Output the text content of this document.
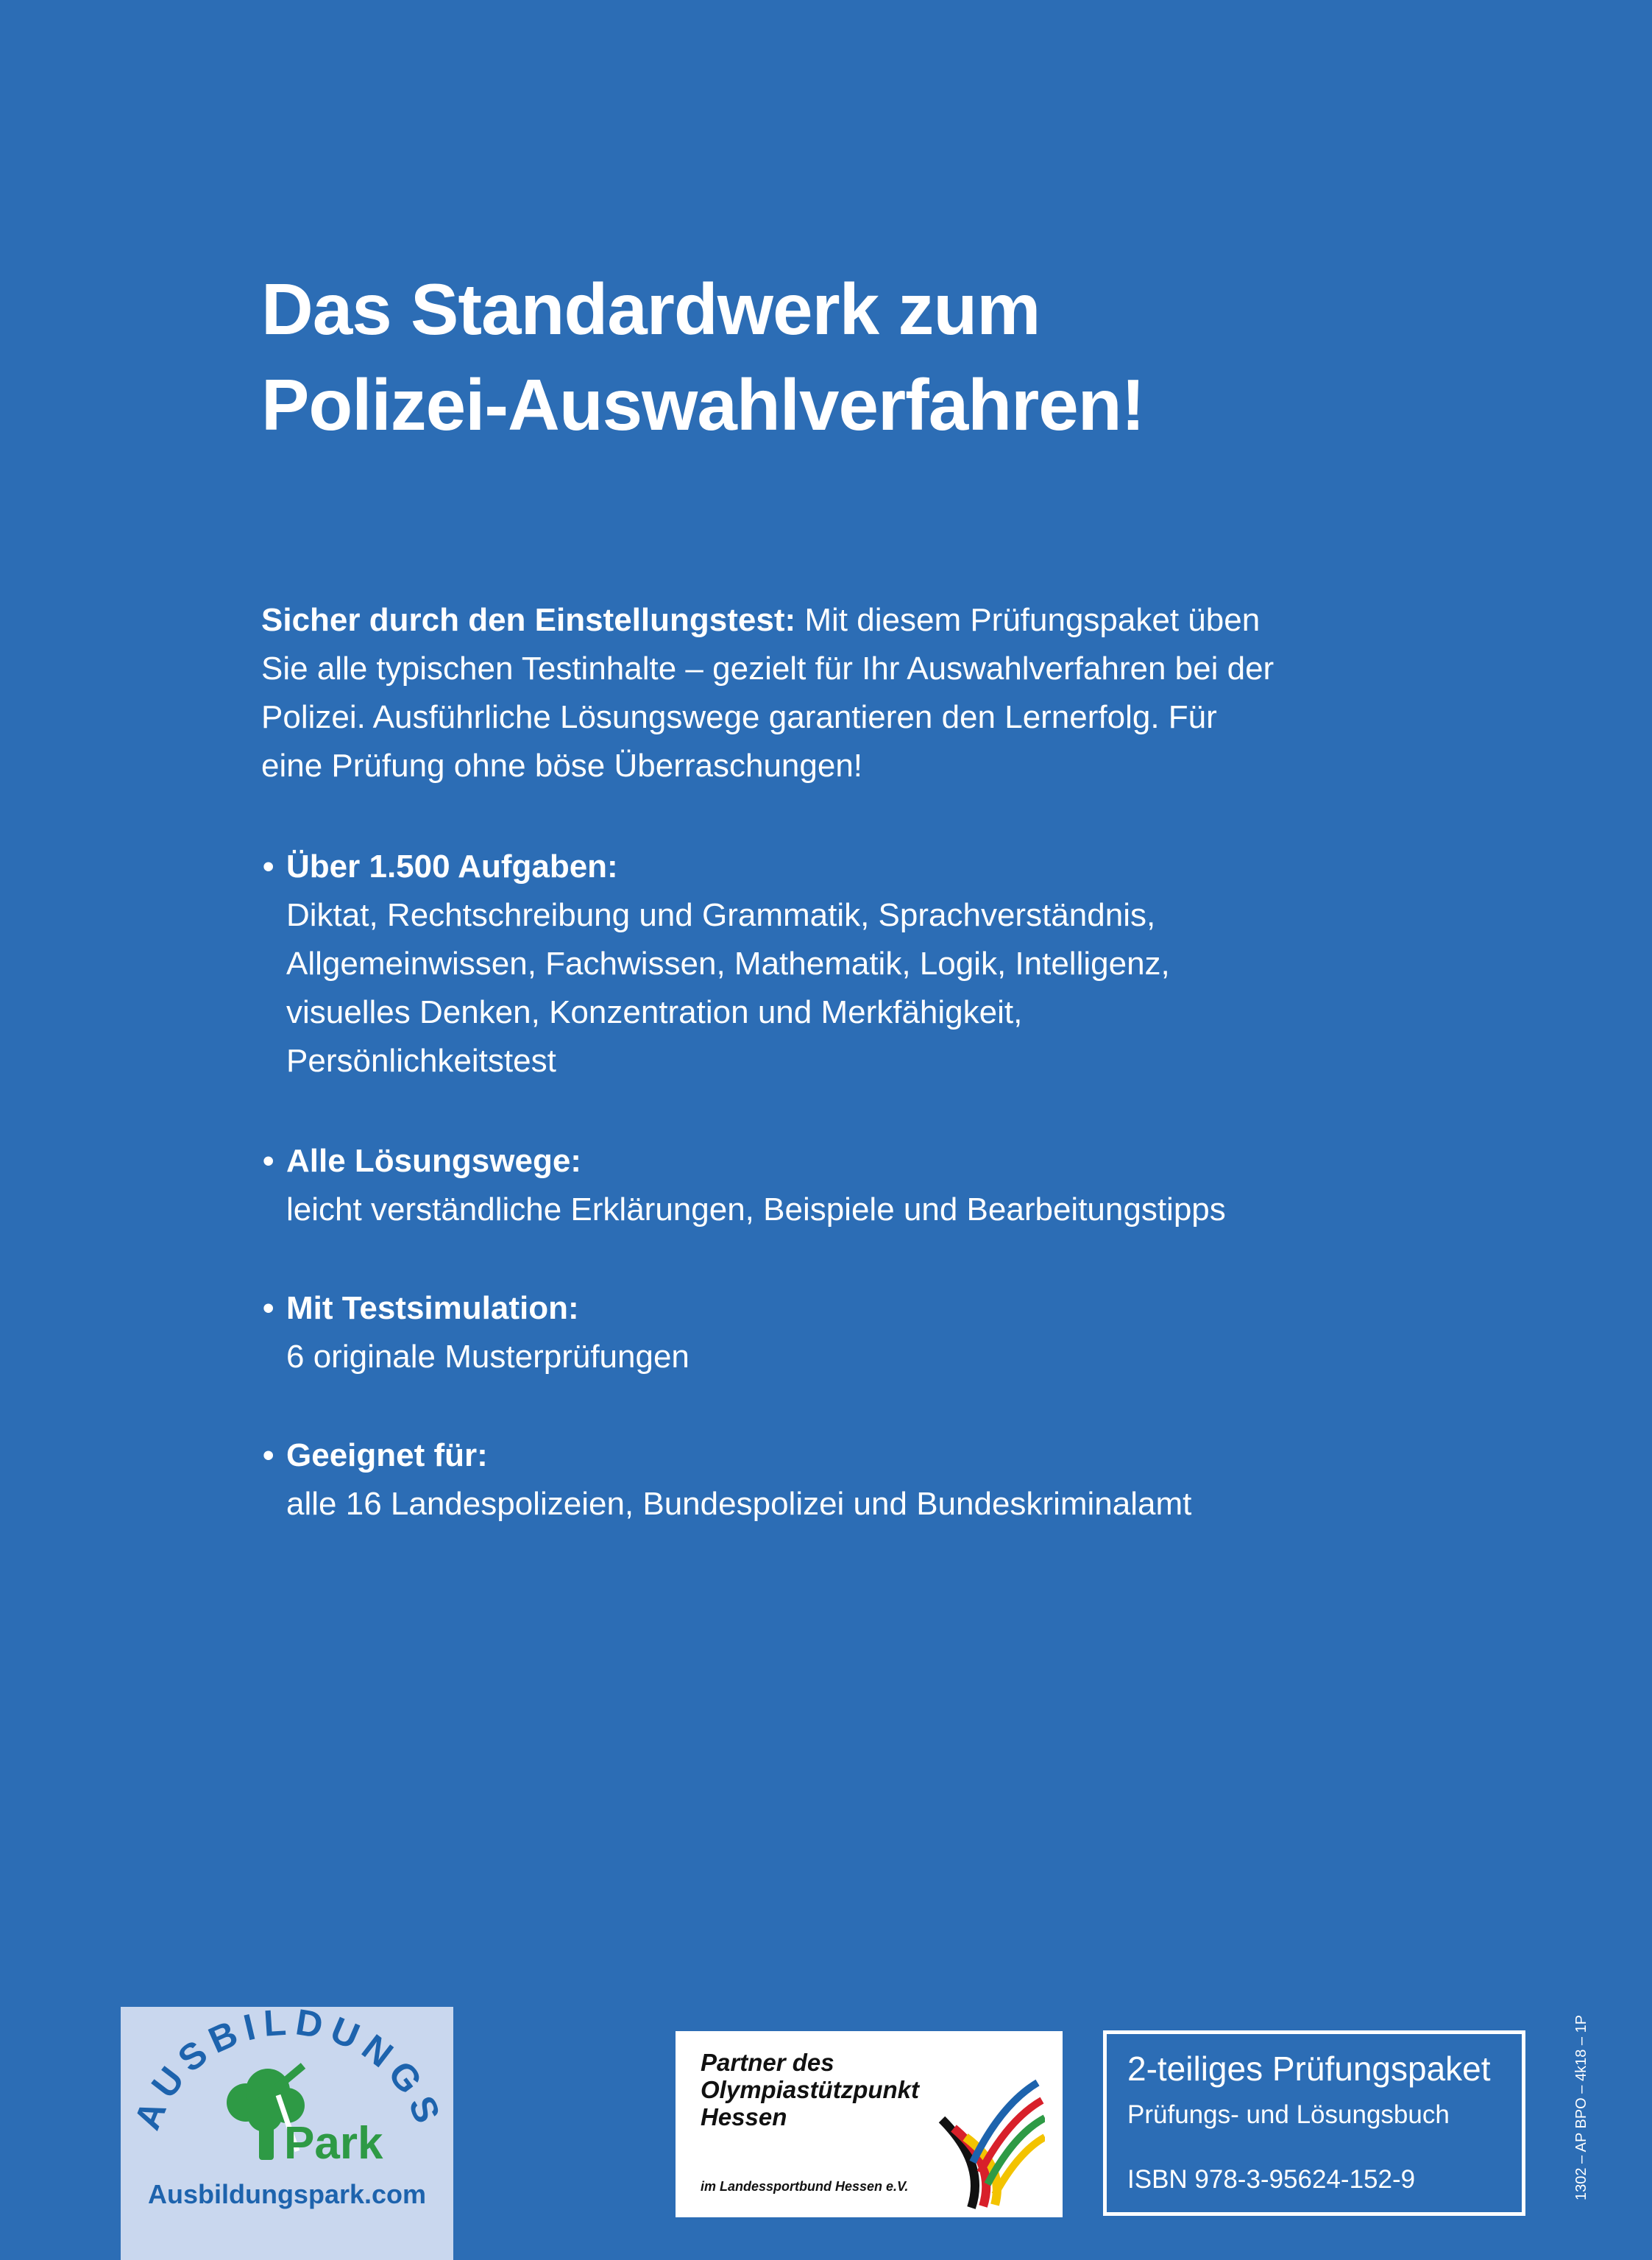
Das Standardwerk zum
Polizei-Auswahlverfahren!

Sicher durch den Einstellungstest: Mit diesem Prüfungspaket üben Sie alle typischen Testinhalte – gezielt für Ihr Auswahlverfahren bei der Polizei. Ausführliche Lösungswege garantieren den Lernerfolg. Für eine Prüfung ohne böse Überraschungen!

• Über 1.500 Aufgaben:
Diktat, Rechtschreibung und Grammatik, Sprachverständnis,
Allgemeinwissen, Fachwissen, Mathematik, Logik, Intelligenz,
visuelles Denken, Konzentration und Merkfähigkeit,
Persönlichkeitstest
• Alle Lösungswege:
leicht verständliche Erklärungen, Beispiele und Bearbeitungstipps
• Mit Testsimulation:
6 originale Musterprüfungen
• Geeignet für:
alle 16 Landespolizeien, Bundespolizei und Bundeskriminalamt
AUSBILDUNGS
Park
Ausbildungspark.com
Partner des
Olympiastützpunkt
Hessen
im Landessportbund Hessen e.V.
2-teiliges Prüfungspaket
Prüfungs- und Lösungsbuch
ISBN 978-3-95624-152-9	1302 – AP BPO – 4k18 – 1P
